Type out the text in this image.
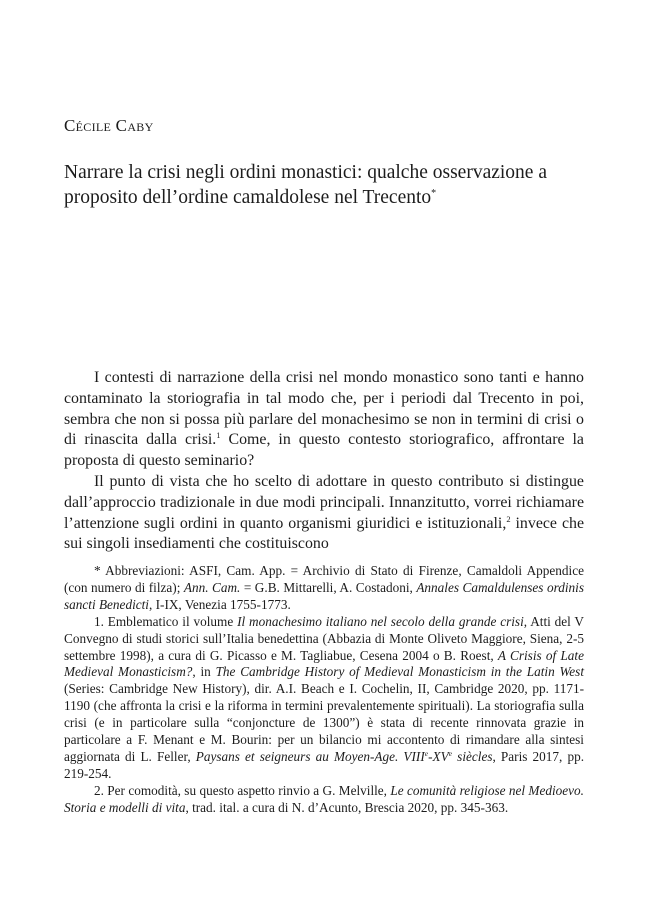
Cécile Caby

Narrare la crisi negli ordini monastici: qualche osservazione a proposito dell’ordine camaldolese nel Trecento*

I contesti di narrazione della crisi nel mondo monastico sono tanti e hanno contaminato la storiografia in tal modo che, per i periodi dal Trecento in poi, sembra che non si possa più parlare del monachesimo se non in termini di crisi o di rinascita dalla crisi.$^1$ Come, in questo contesto storiografico, affrontare la proposta di questo seminario?

Il punto di vista che ho scelto di adottare in questo contributo si distingue dall’approccio tradizionale in due modi principali. Innanzitutto, vorrei richiamare l’attenzione sugli ordini in quanto organismi giuridici e istituzionali,$^2$ invece che sui singoli insediamenti che costituiscono

* Abbreviazioni: ASFI, Cam. App. = Archivio di Stato di Firenze, Camaldoli Appendice (con numero di filza); Ann. Cam. = G.B. Mittarelli, A. Costadoni, Annales Camaldulenses ordinis sancti Benedicti, I-IX, Venezia 1755-1773.

1. Emblematico il volume Il monachesimo italiano nel secolo della grande crisi, Atti del V Convegno di studi storici sull’Italia benedettina (Abbazia di Monte Oliveto Maggiore, Siena, 2-5 settembre 1998), a cura di G. Picasso e M. Tagliabue, Cesena 2004 o B. Roest, A Crisis of Late Medieval Monasticism?, in The Cambridge History of Medieval Monasticism in the Latin West (Series: Cambridge New History), dir. A.I. Beach e I. Cochelin, II, Cambridge 2020, pp. 1171-1190 (che affronta la crisi e la riforma in termini prevalentemente spirituali). La storiografia sulla crisi (e in particolare sulla “conjoncture de 1300”) è stata di recente rinnovata grazie in particolare a F. Menant e M. Bourin: per un bilancio mi accontento di rimandare alla sintesi aggiornata di L. Feller, Paysans et seigneurs au Moyen-Age. VIIIe-XVe siècles, Paris 2017, pp. 219-254.

2. Per comodità, su questo aspetto rinvio a G. Melville, Le comunità religiose nel Medioevo. Storia e modelli di vita, trad. ital. a cura di N. d’Acunto, Brescia 2020, pp. 345-363.
